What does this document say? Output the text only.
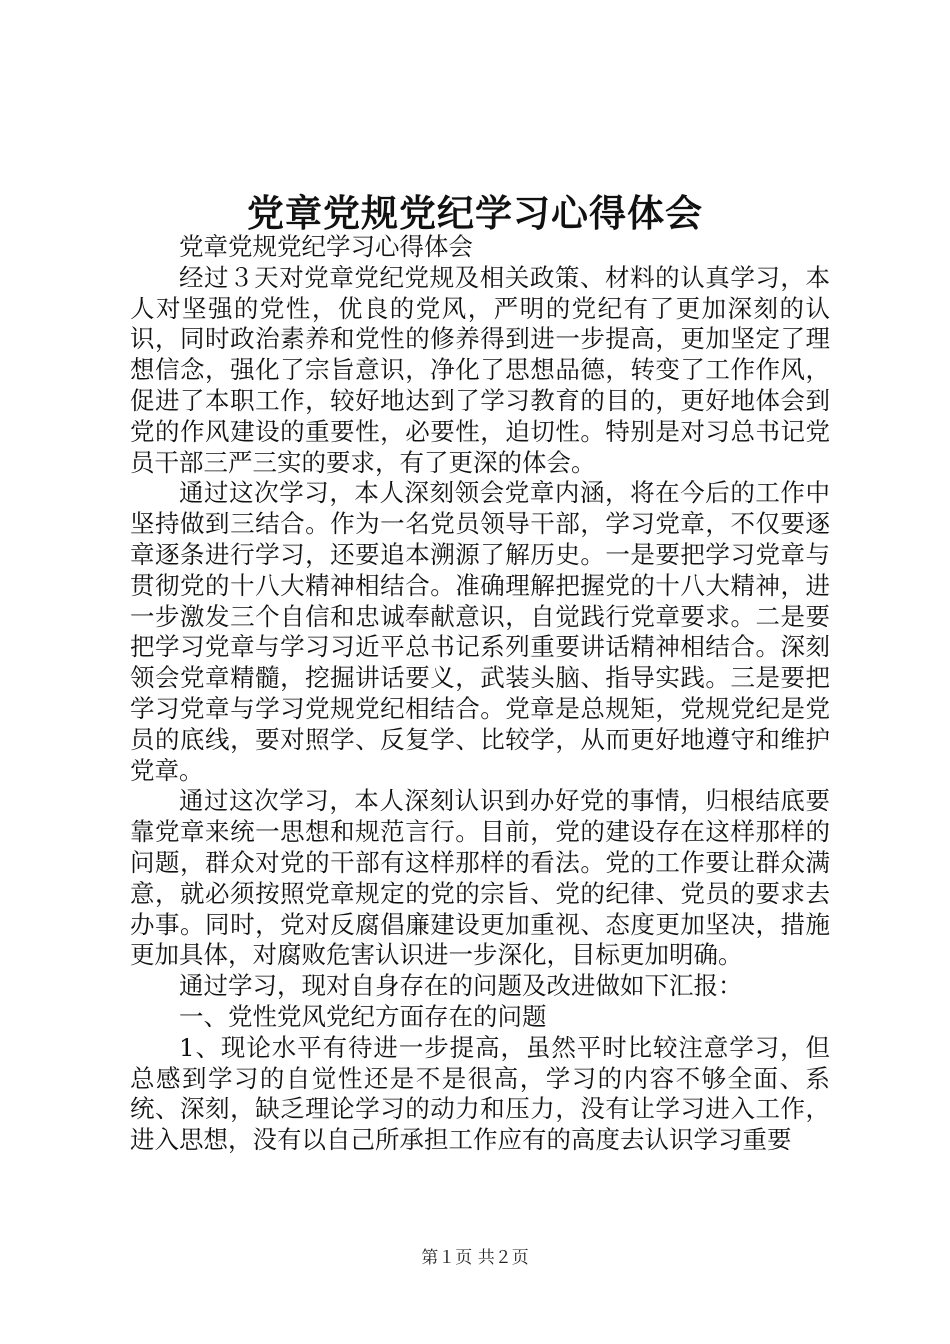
党章党规党纪学习心得体会

党章党规党纪学习心得体会

经过３天对党章党纪党规及相关政策、材料的认真学习，本人对坚强的党性，优良的党风，严明的党纪有了更加深刻的认识，同时政治素养和党性的修养得到进一步提高，更加坚定了理想信念，强化了宗旨意识，净化了思想品德，转变了工作作风，促进了本职工作，较好地达到了学习教育的目的，更好地体会到党的作风建设的重要性，必要性，迫切性。特别是对习总书记党员干部三严三实的要求，有了更深的体会。

通过这次学习，本人深刻领会党章内涵，将在今后的工作中坚持做到三结合。作为一名党员领导干部，学习党章，不仅要逐章逐条进行学习，还要追本溯源了解历史。一是要把学习党章与贯彻党的十八大精神相结合。准确理解把握党的十八大精神，进一步激发三个自信和忠诚奉献意识，自觉践行党章要求。二是要把学习党章与学习习近平总书记系列重要讲话精神相结合。深刻领会党章精髓，挖掘讲话要义，武装头脑、指导实践。三是要把学习党章与学习党规党纪相结合。党章是总规矩，党规党纪是党员的底线，要对照学、反复学、比较学，从而更好地遵守和维护党章。

通过这次学习，本人深刻认识到办好党的事情，归根结底要靠党章来统一思想和规范言行。目前，党的建设存在这样那样的问题，群众对党的干部有这样那样的看法。党的工作要让群众满意，就必须按照党章规定的党的宗旨、党的纪律、党员的要求去办事。同时，党对反腐倡廉建设更加重视、态度更加坚决，措施更加具体，对腐败危害认识进一步深化，目标更加明确。

通过学习，现对自身存在的问题及改进做如下汇报：

一、党性党风党纪方面存在的问题

1、现论水平有待进一步提高，虽然平时比较注意学习，但总感到学习的自觉性还是不是很高，学习的内容不够全面、系统、深刻，缺乏理论学习的动力和压力，没有让学习进入工作，进入思想，没有以自己所承担工作应有的高度去认识学习重要

第１页 共２页
